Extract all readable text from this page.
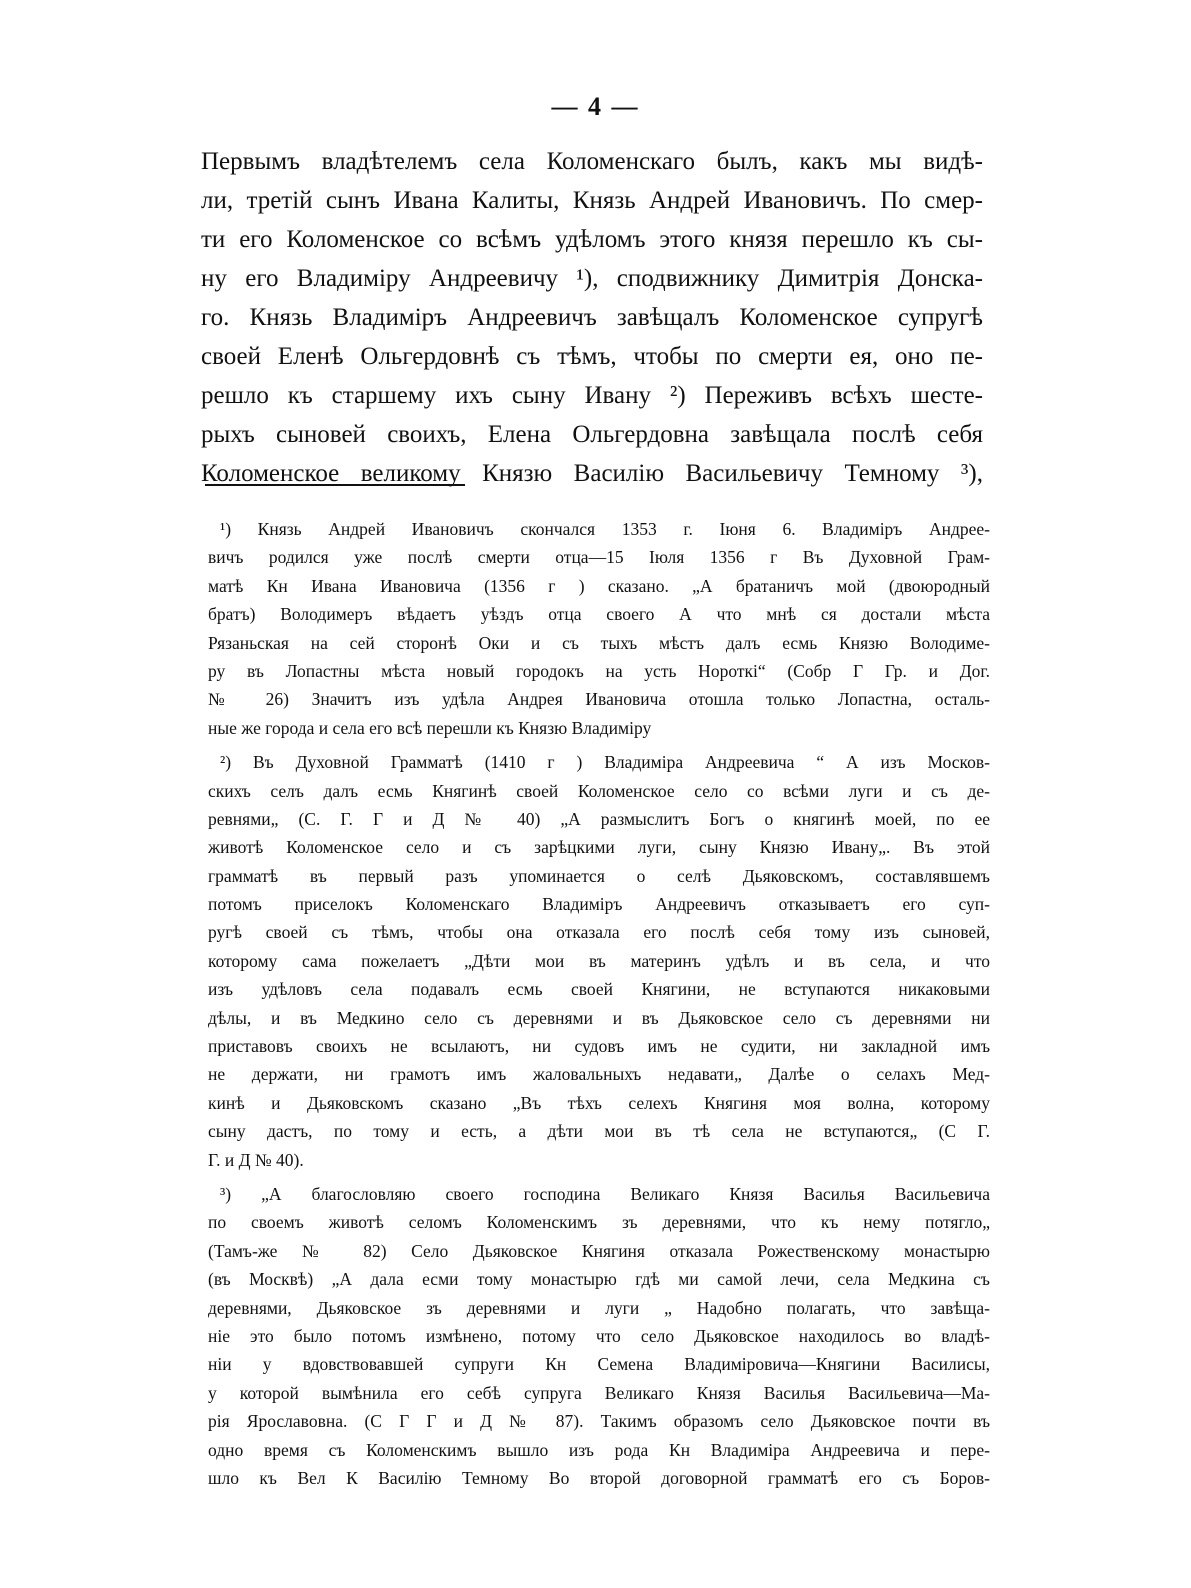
— 4 —
Первымъ владѣтелемъ села Коломенскаго былъ, какъ мы видѣ-
ли, третій сынъ Ивана Калиты, Князь Андрей Ивановичъ. По смер-
ти его Коломенское со всѣмъ удѣломъ этого князя перешло къ сы-
ну его Владиміру Андреевичу ¹), сподвижнику Димитрія Донска-
го. Князь Владиміръ Андреевичъ завѣщалъ Коломенское супругѣ
своей Еленѣ Ольгердовнѣ съ тѣмъ, чтобы по смерти ея, оно пе-
решло къ старшему ихъ сыну Ивану ²) Переживъ всѣхъ шесте-
рыхъ сыновей своихъ, Елена Ольгердовна завѣщала послѣ себя
Коломенское великому Князю Василію Васильевичу Темному ³),
¹) Князь Андрей Ивановичъ скончался 1353 г. Іюня 6. Владиміръ Андрее-
вичъ родился уже послѣ смерти отца—15 Іюля 1356 г Въ Духовной Грам-
матѣ Кн Ивана Ивановича (1356 г ) сказано. „А братаничъ мой (двоюродный
братъ) Володимеръ вѣдаетъ уѣздъ отца своего А что мнѣ ся достали мѣста
Рязаньская на сей сторонѣ Оки и съ тыхъ мѣстъ далъ есмь Князю Володиме-
ру въ Лопастны мѣста новый городокъ на усть Нороткі“ (Собр Г Гр. и Дог.
№ 26) Значитъ изъ удѣла Андрея Ивановича отошла только Лопастна, осталь-
ные же города и села его всѣ перешли къ Князю Владиміру
²) Въ Духовной Грамматѣ (1410 г ) Владиміра Андреевича “ А изъ Москов-
скихъ селъ далъ есмь Княгинѣ своей Коломенское село со всѣми луги и съ де-
ревнями„ (С. Г. Г и Д № 40) „А размыслитъ Богъ о княгинѣ моей, по ее
животѣ Коломенское село и съ зарѣцкими луги, сыну Князю Ивану„. Въ этой
грамматѣ въ первый разъ упоминается о селѣ Дьяковскомъ, составлявшемъ
потомъ приселокъ Коломенскаго Владиміръ Андреевичъ отказываетъ его суп-
ругѣ своей съ тѣмъ, чтобы она отказала его послѣ себя тому изъ сыновей,
которому сама пожелаетъ „Дѣти мои въ материнъ удѣлъ и въ села, и что
изъ удѣловъ села подавалъ есмь своей Княгини, не вступаются никаковыми
дѣлы, и въ Медкино село съ деревнями и въ Дьяковское село съ деревнями ни
приставовъ своихъ не всылаютъ, ни судовъ имъ не судити, ни закладной имъ
не держати, ни грамотъ имъ жаловальныхъ недавати„ Далѣе о селахъ Мед-
кинѣ и Дьяковскомъ сказано „Въ тѣхъ селехъ Княгиня моя волна, которому
сыну дастъ, по тому и есть, а дѣти мои въ тѣ села не вступаются„ (С Г.
Г. и Д № 40).
³) „А благословляю своего господина Великаго Князя Василья Васильевича
по своемъ животѣ селомъ Коломенскимъ зъ деревнями, что къ нему потягло„
(Тамъ-же № 82) Село Дьяковское Княгиня отказала Рожественскому монастырю
(въ Москвѣ) „А дала есми тому монастырю гдѣ ми самой лечи, села Медкина съ
деревнями, Дьяковское зъ деревнями и луги „ Надобно полагать, что завѣща-
ніе это было потомъ измѣнено, потому что село Дьяковское находилось во владѣ-
ніи у вдовствовавшей супруги Кн Семена Владиміровича—Княгини Василисы,
у которой вымѣнила его себѣ супруга Великаго Князя Василья Васильевича—Ма-
рія Ярославовна. (С Г Г и Д № 87). Такимъ образомъ село Дьяковское почти въ
одно время съ Коломенскимъ вышло изъ рода Кн Владиміра Андреевича и пере-
шло къ Вел К Василію Темному Во второй договорной грамматѣ его съ Боров-
